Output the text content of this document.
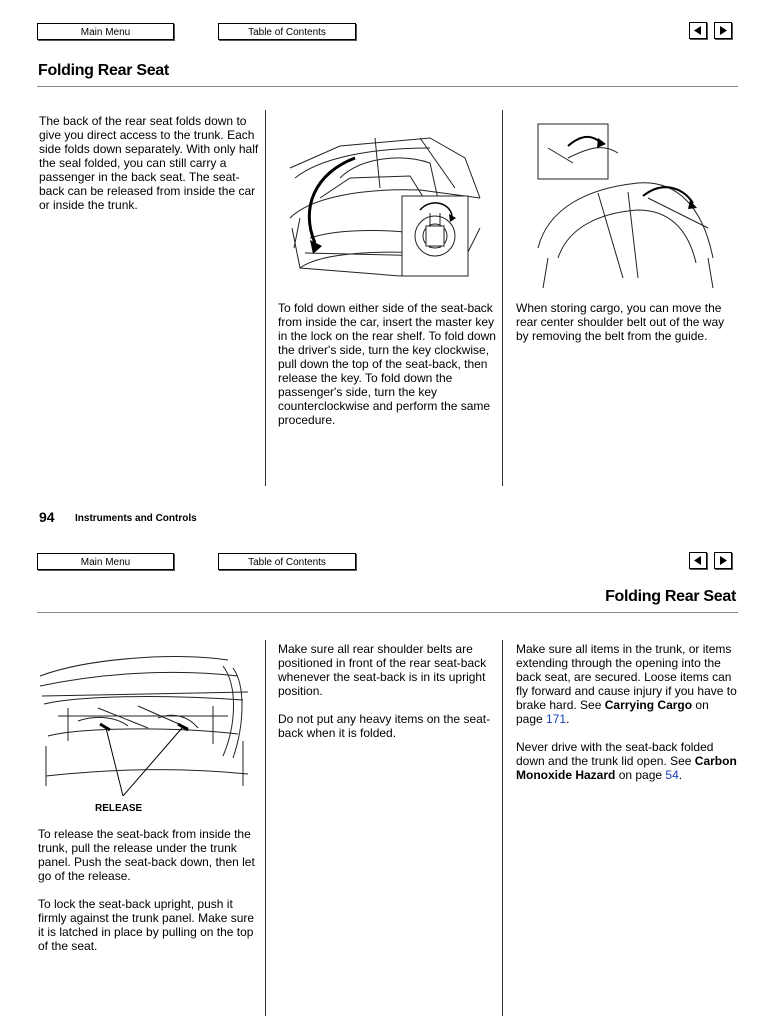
Main Menu	Table of Contents
Folding Rear Seat

The back of the rear seat folds down to give you direct access to the trunk. Each side folds down separately. With only half the seal folded, you can still carry a passenger in the back seat. The seat-back can be released from inside the car or inside the trunk.

To fold down either side of the seat-back from inside the car, insert the master key in the lock on the rear shelf. To fold down the driver's side, turn the key clockwise, pull down the top of the seat-back, then release the key. To fold down the passenger's side, turn the key counterclockwise and perform the same procedure.

When storing cargo, you can move the rear center shoulder belt out of the way by removing the belt from the guide.

94 Instruments and Controls
Main Menu	Table of Contents
Folding Rear Seat
RELEASE

To release the seat-back from inside the trunk, pull the release under the trunk panel. Push the seat-back down, then let go of the release.

To lock the seat-back upright, push it firmly against the trunk panel. Make sure it is latched in place by pulling on the top of the seat.

Make sure all rear shoulder belts are positioned in front of the rear seat-back whenever the seat-back is in its upright position.

Do not put any heavy items on the seat-back when it is folded.

Make sure all items in the trunk, or items extending through the opening into the back seat, are secured. Loose items can fly forward and cause injury if you have to brake hard. See Carrying Cargo on page 171.

Never drive with the seat-back folded down and the trunk lid open. See Carbon Monoxide Hazard on page 54.
